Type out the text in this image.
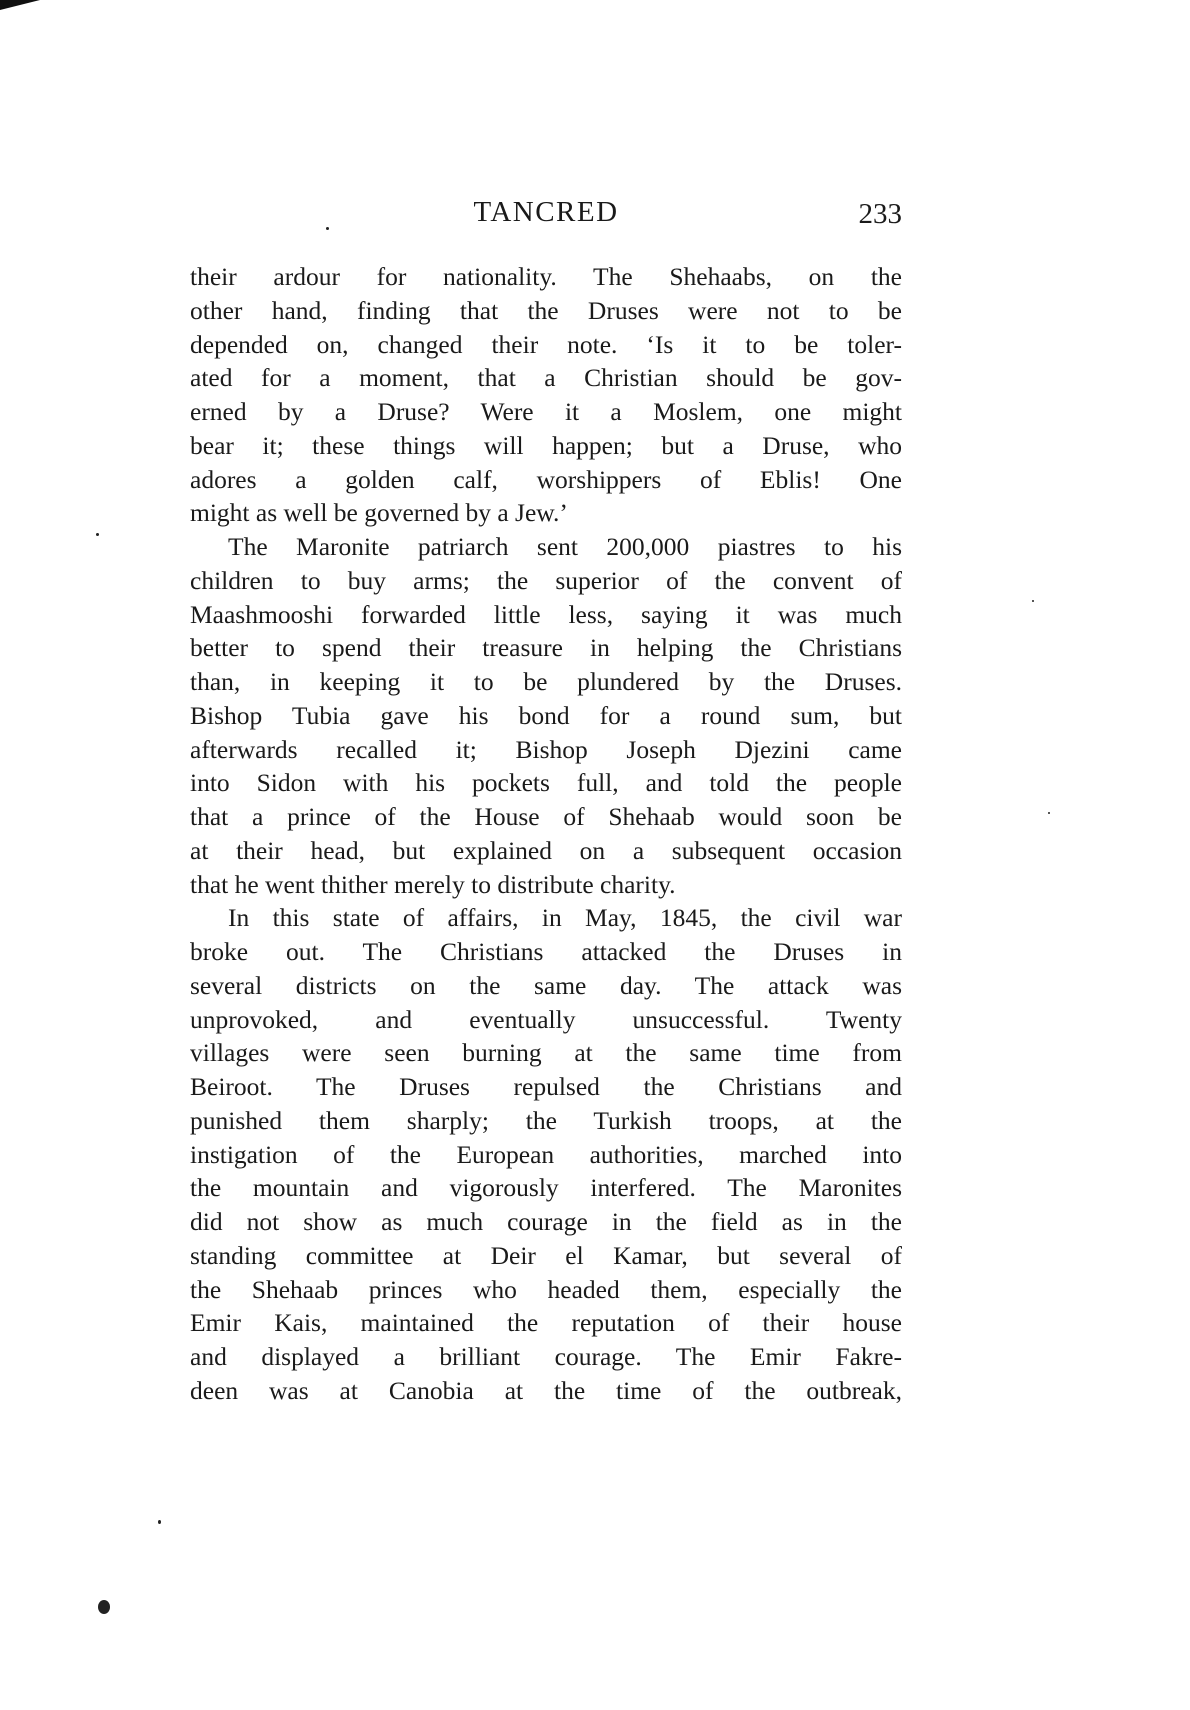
TANCRED	233
their ardour for nationality. The Shehaabs, on the
other hand, finding that the Druses were not to be
depended on, changed their note. ‘Is it to be toler-
ated for a moment, that a Christian should be gov-
erned by a Druse? Were it a Moslem, one might
bear it; these things will happen; but a Druse, who
adores a golden calf, worshippers of Eblis! One
might as well be governed by a Jew.’
The Maronite patriarch sent 200,000 piastres to his
children to buy arms; the superior of the convent of
Maashmooshi forwarded little less, saying it was much
better to spend their treasure in helping the Christians
than, in keeping it to be plundered by the Druses.
Bishop Tubia gave his bond for a round sum, but
afterwards recalled it; Bishop Joseph Djezini came
into Sidon with his pockets full, and told the people
that a prince of the House of Shehaab would soon be
at their head, but explained on a subsequent occasion
that he went thither merely to distribute charity.
In this state of affairs, in May, 1845, the civil war
broke out. The Christians attacked the Druses in
several districts on the same day. The attack was
unprovoked, and eventually unsuccessful. Twenty
villages were seen burning at the same time from
Beiroot. The Druses repulsed the Christians and
punished them sharply; the Turkish troops, at the
instigation of the European authorities, marched into
the mountain and vigorously interfered. The Maronites
did not show as much courage in the field as in the
standing committee at Deir el Kamar, but several of
the Shehaab princes who headed them, especially the
Emir Kais, maintained the reputation of their house
and displayed a brilliant courage. The Emir Fakre-
deen was at Canobia at the time of the outbreak,
